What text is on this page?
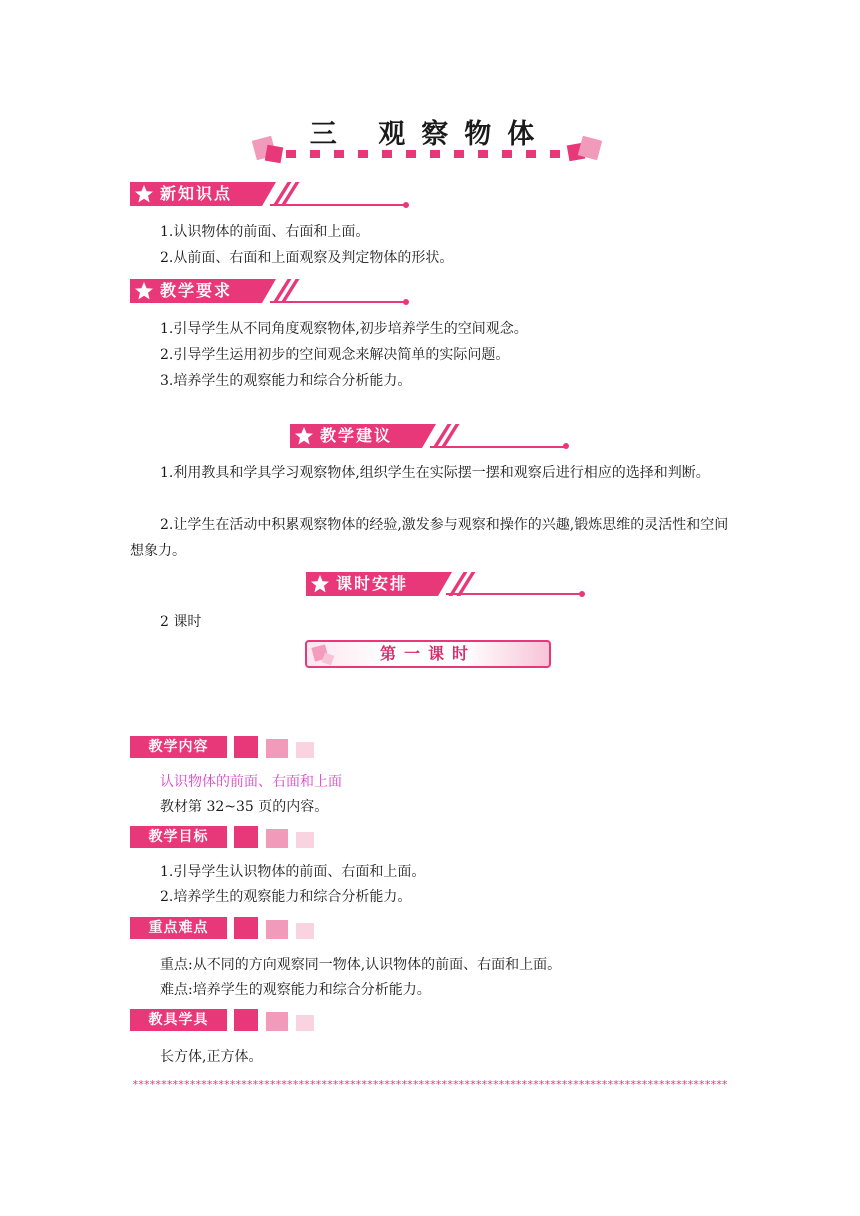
三 观察物体
新知识点
1.认识物体的前面、右面和上面。
2.从前面、右面和上面观察及判定物体的形状。
教学要求
1.引导学生从不同角度观察物体,初步培养学生的空间观念。
2.引导学生运用初步的空间观念来解决简单的实际问题。
3.培养学生的观察能力和综合分析能力。
教学建议
1.利用教具和学具学习观察物体,组织学生在实际摆一摆和观察后进行相应的选择和判断。
2.让学生在活动中积累观察物体的经验,激发参与观察和操作的兴趣,锻炼思维的灵活性和空间想象力。
课时安排
2 课时
第一课时
教学内容
认识物体的前面、右面和上面
教材第 32~35 页的内容。
教学目标
1.引导学生认识物体的前面、右面和上面。
2.培养学生的观察能力和综合分析能力。
重点难点
重点:从不同的方向观察同一物体,认识物体的前面、右面和上面。
难点:培养学生的观察能力和综合分析能力。
教具学具
长方体,正方体。
********************************************************************************************************
